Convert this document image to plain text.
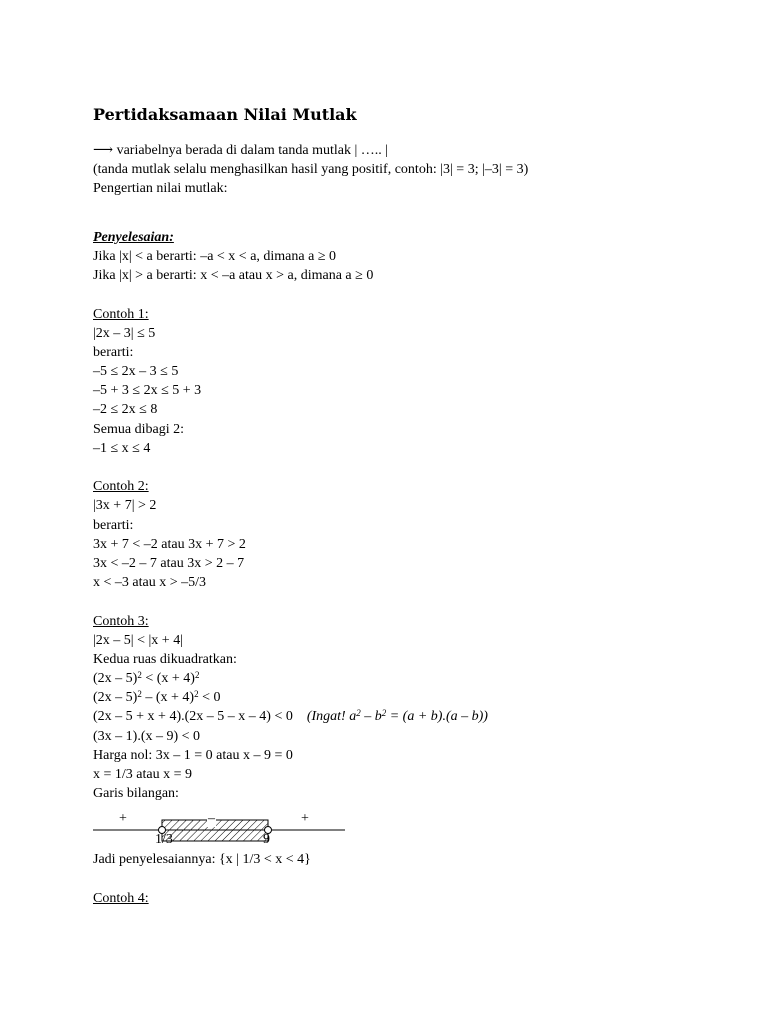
Pertidaksamaan Nilai Mutlak
⟶ variabelnya berada di dalam tanda mutlak | ….. |
(tanda mutlak selalu menghasilkan hasil yang positif, contoh: |3| = 3; |–3| = 3)
Pengertian nilai mutlak:
Penyelesaian:
Jika |x| < a berarti: –a < x < a, dimana a ≥ 0
Jika |x| > a berarti: x < –a atau x > a, dimana a ≥ 0
Contoh 1:
|2x – 3| ≤ 5
berarti:
–5 ≤ 2x – 3 ≤ 5
–5 + 3 ≤ 2x ≤ 5 + 3
–2 ≤ 2x ≤ 8
Semua dibagi 2:
–1 ≤ x ≤ 4
Contoh 2:
|3x + 7| > 2
berarti:
3x + 7 < –2 atau 3x + 7 > 2
3x < –2 – 7 atau 3x > 2 – 7
x < –3 atau x > –5/3
Contoh 3:
|2x – 5| < |x + 4|
Kedua ruas dikuadratkan:
$(2x - 5)^2 < (x + 4)^2$
$(2x - 5)^2 - (x + 4)^2 < 0$
(2x – 5 + x + 4).(2x – 5 – x – 4) < 0 (Ingat! $a^2 - b^2 = (a + b).(a - b)$)
(3x – 1).(x – 9) < 0
Harga nol: 3x – 1 = 0 atau x – 9 = 0
x = 1/3 atau x = 9
Garis bilangan:
+	–	+
1/3	9
Jadi penyelesaiannya: {x | 1/3 < x < 4}
Contoh 4:
